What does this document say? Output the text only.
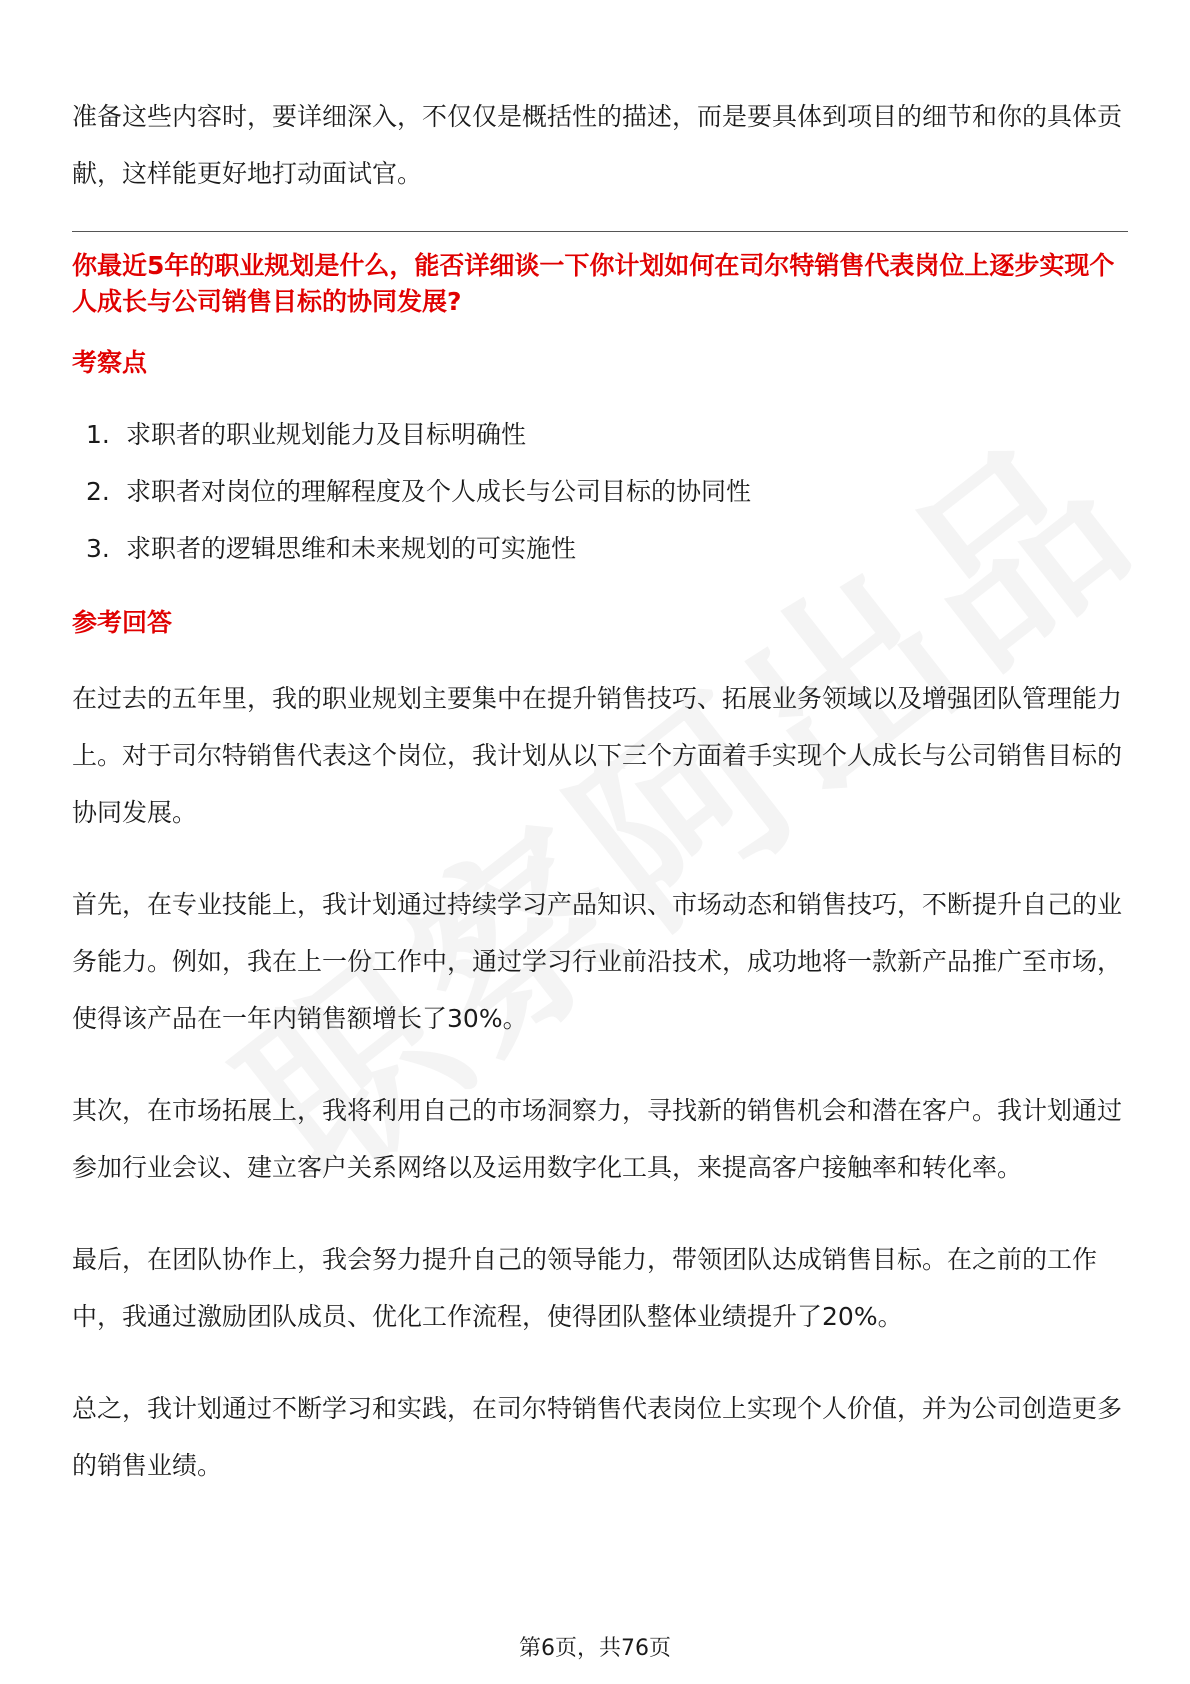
准备这些内容时，要详细深入，不仅仅是概括性的描述，而是要具体到项目的细节和你的具体贡献，这样能更好地打动面试官。

你最近5年的职业规划是什么，能否详细谈一下你计划如何在司尔特销售代表岗位上逐步实现个人成长与公司销售目标的协同发展?

考察点

1. 求职者的职业规划能力及目标明确性
2. 求职者对岗位的理解程度及个人成长与公司目标的协同性
3. 求职者的逻辑思维和未来规划的可实施性

参考回答

在过去的五年里，我的职业规划主要集中在提升销售技巧、拓展业务领域以及增强团队管理能力上。对于司尔特销售代表这个岗位，我计划从以下三个方面着手实现个人成长与公司销售目标的协同发展。

首先，在专业技能上，我计划通过持续学习产品知识、市场动态和销售技巧，不断提升自己的业务能力。例如，我在上一份工作中，通过学习行业前沿技术，成功地将一款新产品推广至市场，使得该产品在一年内销售额增长了30%。

其次，在市场拓展上，我将利用自己的市场洞察力，寻找新的销售机会和潜在客户。我计划通过参加行业会议、建立客户关系网络以及运用数字化工具，来提高客户接触率和转化率。

最后，在团队协作上，我会努力提升自己的领导能力，带领团队达成销售目标。在之前的工作中，我通过激励团队成员、优化工作流程，使得团队整体业绩提升了20%。

总之，我计划通过不断学习和实践，在司尔特销售代表岗位上实现个人价值，并为公司创造更多的销售业绩。

第6页，共76页
